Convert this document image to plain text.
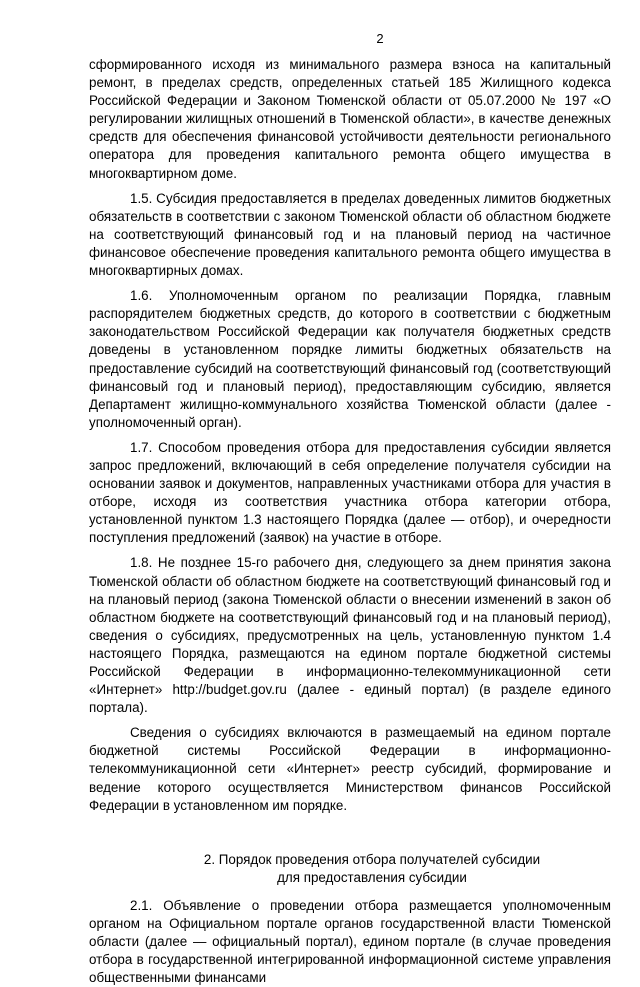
2

сформированного исходя из минимального размера взноса на капитальный ремонт, в пределах средств, определенных статьей 185 Жилищного кодекса Российской Федерации и Законом Тюменской области от 05.07.2000 № 197 «О регулировании жилищных отношений в Тюменской области», в качестве денежных средств для обеспечения финансовой устойчивости деятельности регионального оператора для проведения капитального ремонта общего имущества в многоквартирном доме.

1.5. Субсидия предоставляется в пределах доведенных лимитов бюджетных обязательств в соответствии с законом Тюменской области об областном бюджете на соответствующий финансовый год и на плановый период на частичное финансовое обеспечение проведения капитального ремонта общего имущества в многоквартирных домах.

1.6. Уполномоченным органом по реализации Порядка, главным распорядителем бюджетных средств, до которого в соответствии с бюджетным законодательством Российской Федерации как получателя бюджетных средств доведены в установленном порядке лимиты бюджетных обязательств на предоставление субсидий на соответствующий финансовый год (соответствующий финансовый год и плановый период), предоставляющим субсидию, является Департамент жилищно-коммунального хозяйства Тюменской области (далее - уполномоченный орган).

1.7. Способом проведения отбора для предоставления субсидии является запрос предложений, включающий в себя определение получателя субсидии на основании заявок и документов, направленных участниками отбора для участия в отборе, исходя из соответствия участника отбора категории отбора, установленной пунктом 1.3 настоящего Порядка (далее — отбор), и очередности поступления предложений (заявок) на участие в отборе.

1.8. Не позднее 15-го рабочего дня, следующего за днем принятия закона Тюменской области об областном бюджете на соответствующий финансовый год и на плановый период (закона Тюменской области о внесении изменений в закон об областном бюджете на соответствующий финансовый год и на плановый период), сведения о субсидиях, предусмотренных на цель, установленную пунктом 1.4 настоящего Порядка, размещаются на едином портале бюджетной системы Российской Федерации в информационно-телекоммуникационной сети «Интернет» http://budget.gov.ru (далее - единый портал) (в разделе единого портала).

Сведения о субсидиях включаются в размещаемый на едином портале бюджетной системы Российской Федерации в информационно-телекоммуникационной сети «Интернет» реестр субсидий, формирование и ведение которого осуществляется Министерством финансов Российской Федерации в установленном им порядке.

2. Порядок проведения отбора получателей субсидии
для предоставления субсидии

2.1. Объявление о проведении отбора размещается уполномоченным органом на Официальном портале органов государственной власти Тюменской области (далее — официальный портал), едином портале (в случае проведения отбора в государственной интегрированной информационной системе управления общественными финансами
